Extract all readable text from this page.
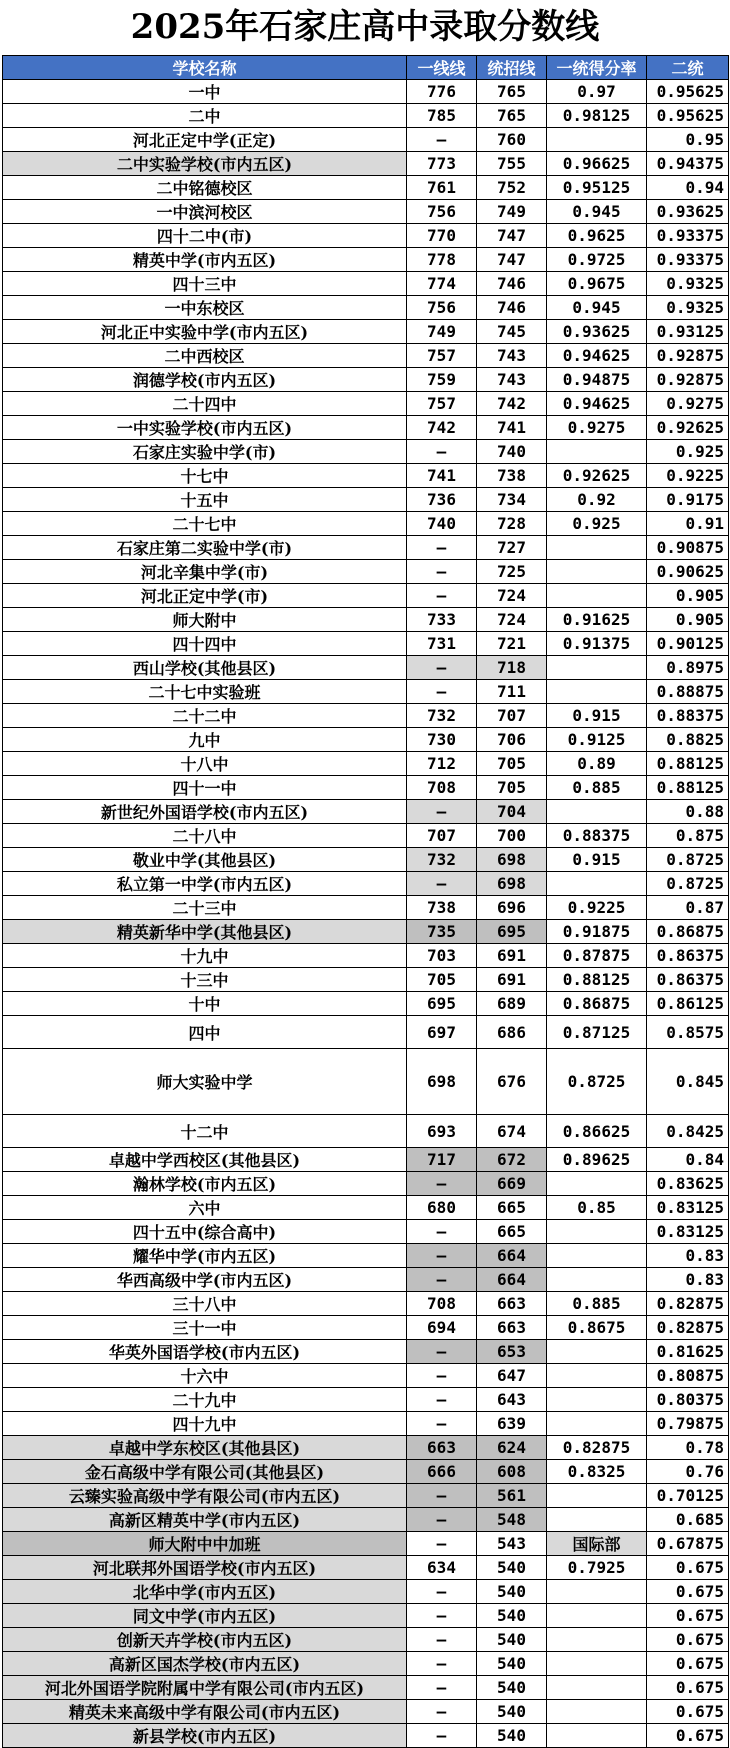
2025年石家庄高中录取分数线
学校名称	一线线	统招线	一统得分率	二统
一中	776	765	0.97	0.95625
二中	785	765	0.98125	0.95625
河北正定中学(正定)	–	760		0.95
二中实验学校(市内五区)	773	755	0.96625	0.94375
二中铭德校区	761	752	0.95125	0.94
一中滨河校区	756	749	0.945	0.93625
四十二中(市)	770	747	0.9625	0.93375
精英中学(市内五区)	778	747	0.9725	0.93375
四十三中	774	746	0.9675	0.9325
一中东校区	756	746	0.945	0.9325
河北正中实验中学(市内五区)	749	745	0.93625	0.93125
二中西校区	757	743	0.94625	0.92875
润德学校(市内五区)	759	743	0.94875	0.92875
二十四中	757	742	0.94625	0.9275
一中实验学校(市内五区)	742	741	0.9275	0.92625
石家庄实验中学(市)	–	740		0.925
十七中	741	738	0.92625	0.9225
十五中	736	734	0.92	0.9175
二十七中	740	728	0.925	0.91
石家庄第二实验中学(市)	–	727		0.90875
河北辛集中学(市)	–	725		0.90625
河北正定中学(市)	–	724		0.905
师大附中	733	724	0.91625	0.905
四十四中	731	721	0.91375	0.90125
西山学校(其他县区)	–	718		0.8975
二十七中实验班	–	711		0.88875
二十二中	732	707	0.915	0.88375
九中	730	706	0.9125	0.8825
十八中	712	705	0.89	0.88125
四十一中	708	705	0.885	0.88125
新世纪外国语学校(市内五区)	–	704		0.88
二十八中	707	700	0.88375	0.875
敬业中学(其他县区)	732	698	0.915	0.8725
私立第一中学(市内五区)	–	698		0.8725
二十三中	738	696	0.9225	0.87
精英新华中学(其他县区)	735	695	0.91875	0.86875
十九中	703	691	0.87875	0.86375
十三中	705	691	0.88125	0.86375
十中	695	689	0.86875	0.86125
四中	697	686	0.87125	0.8575
师大实验中学	698	676	0.8725	0.845
十二中	693	674	0.86625	0.8425
卓越中学西校区(其他县区)	717	672	0.89625	0.84
瀚林学校(市内五区)	–	669		0.83625
六中	680	665	0.85	0.83125
四十五中(综合高中)	–	665		0.83125
耀华中学(市内五区)	–	664		0.83
华西高级中学(市内五区)	–	664		0.83
三十八中	708	663	0.885	0.82875
三十一中	694	663	0.8675	0.82875
华英外国语学校(市内五区)	–	653		0.81625
十六中	–	647		0.80875
二十九中	–	643		0.80375
四十九中	–	639		0.79875
卓越中学东校区(其他县区)	663	624	0.82875	0.78
金石高级中学有限公司(其他县区)	666	608	0.8325	0.76
云臻实验高级中学有限公司(市内五区)	–	561		0.70125
高新区精英中学(市内五区)	–	548		0.685
师大附中中加班	–	543	国际部	0.67875
河北联邦外国语学校(市内五区)	634	540	0.7925	0.675
北华中学(市内五区)	–	540		0.675
同文中学(市内五区)	–	540		0.675
创新天卉学校(市内五区)	–	540		0.675
高新区国杰学校(市内五区)	–	540		0.675
河北外国语学院附属中学有限公司(市内五区)	–	540		0.675
精英未来高级中学有限公司(市内五区)	–	540		0.675
新县学校(市内五区)	–	540		0.675
